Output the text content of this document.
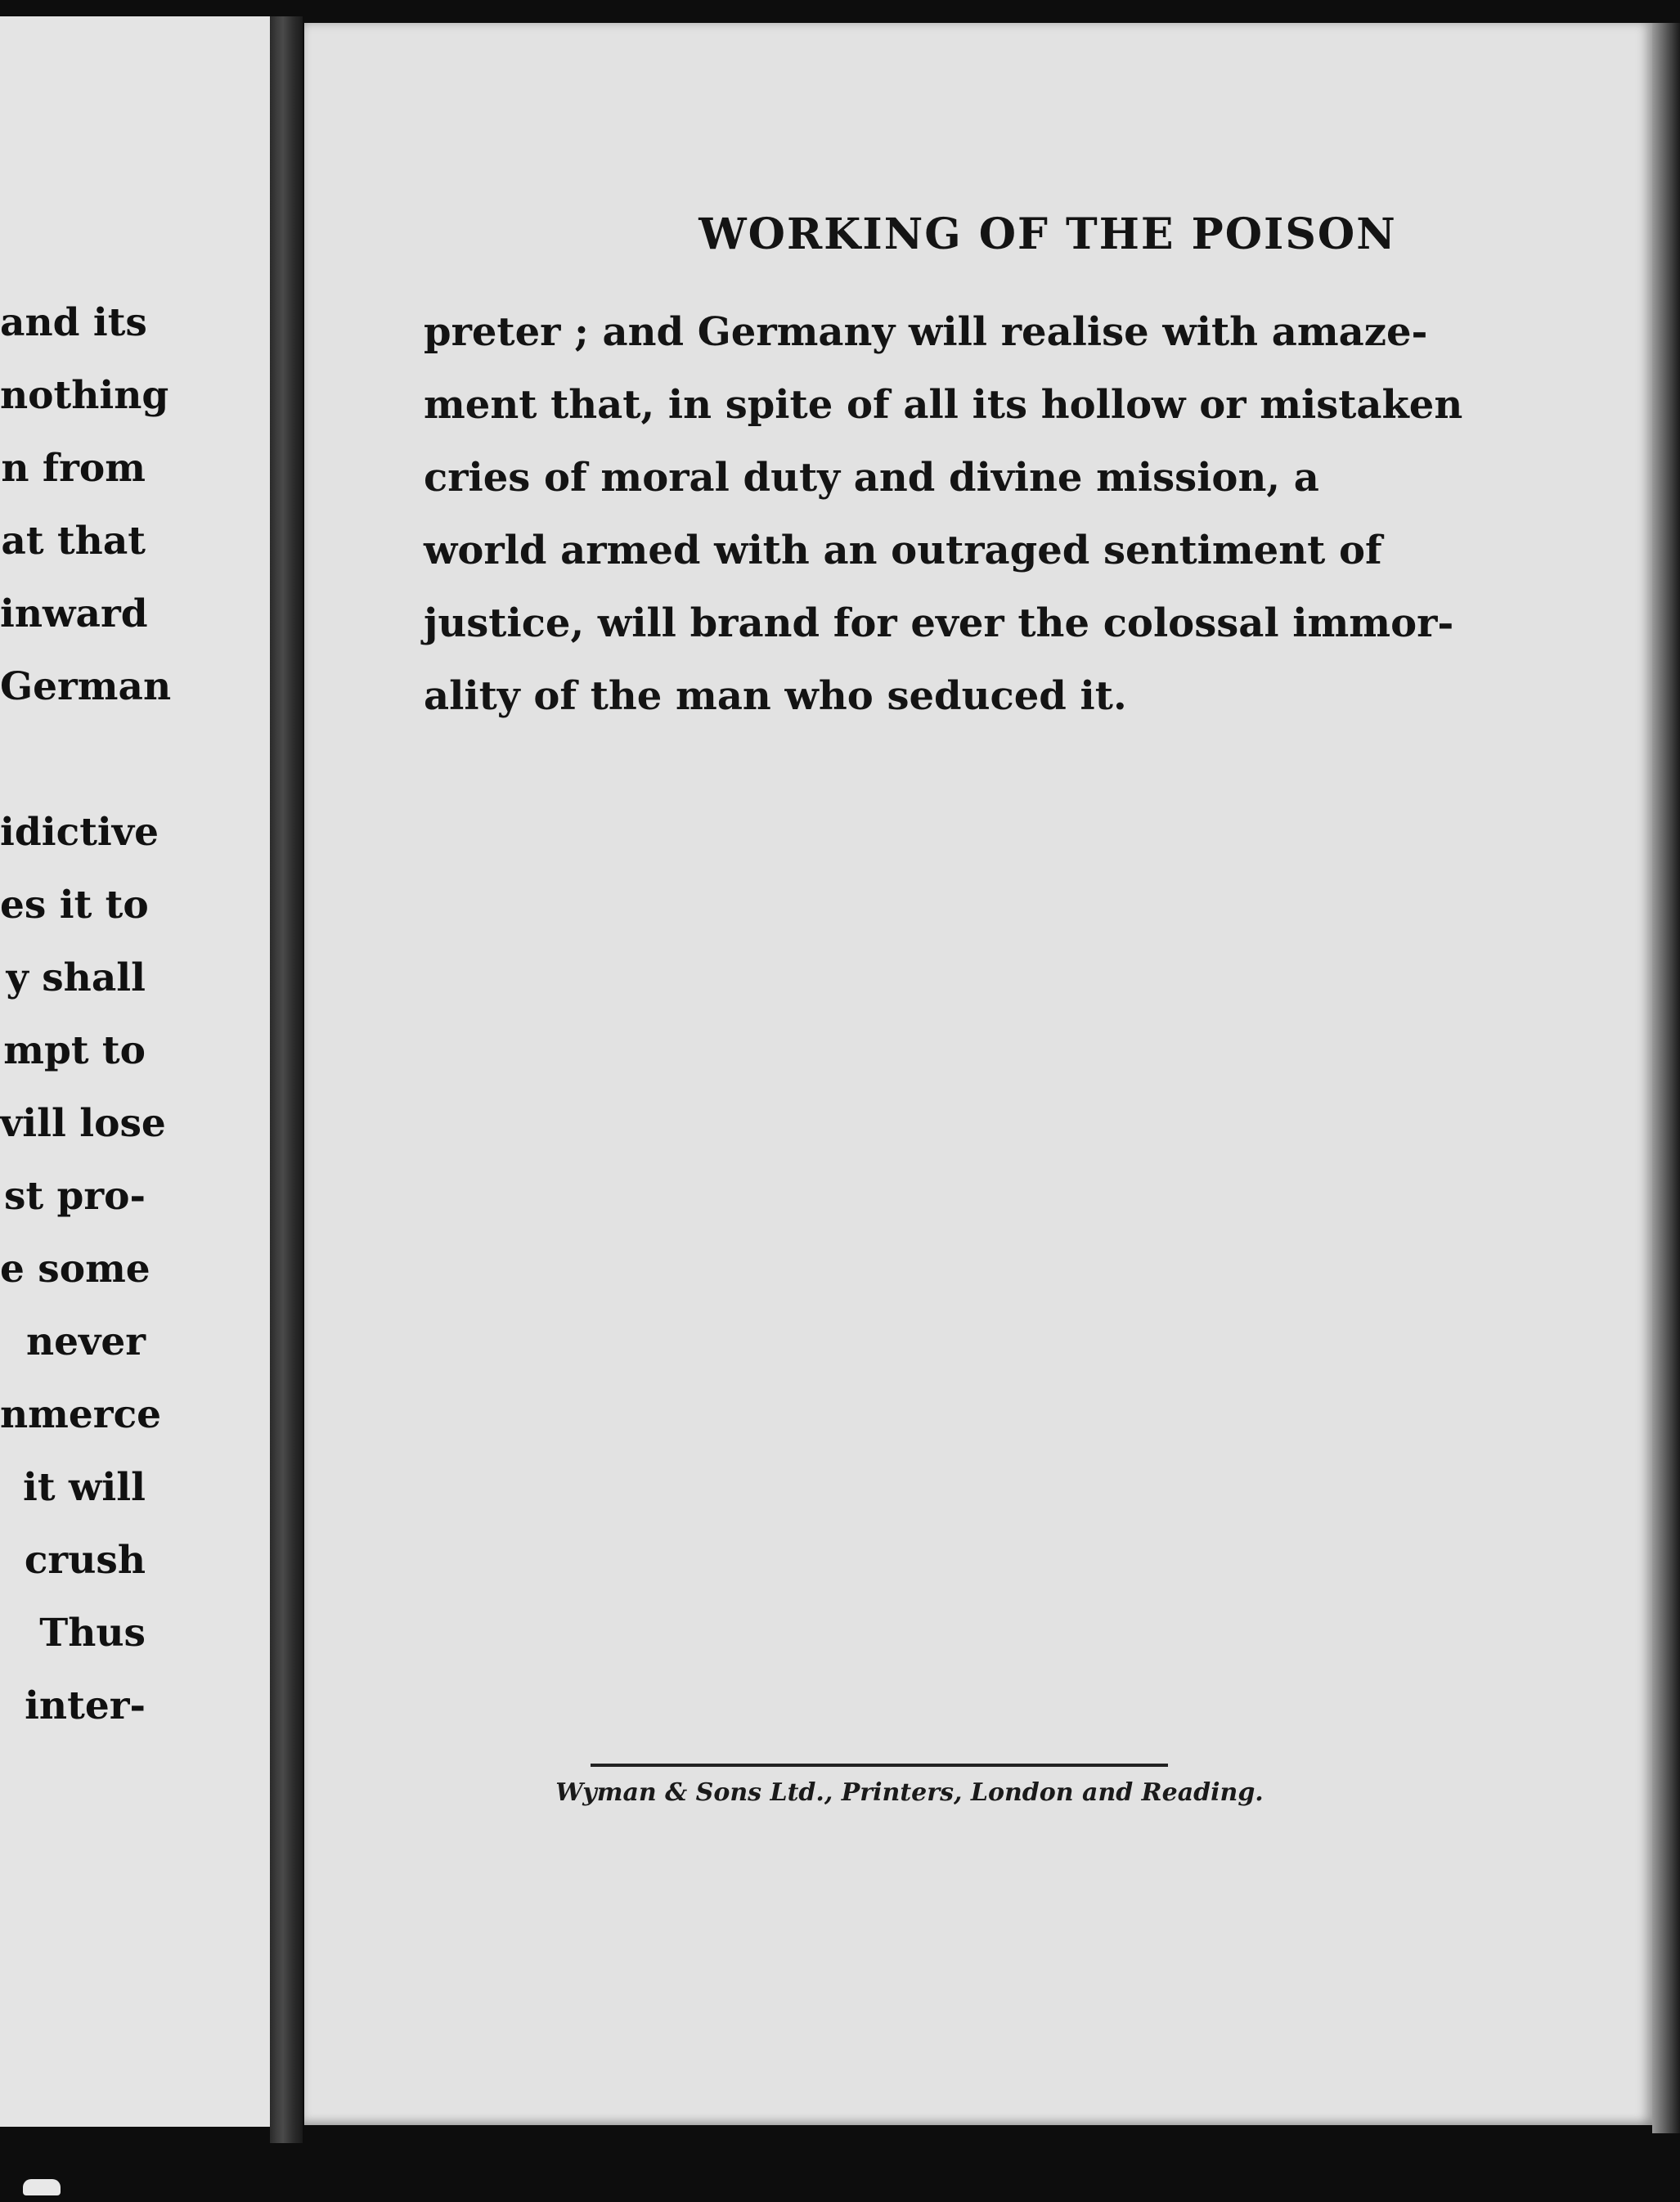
and its
nothing
n from
at that
inward
German
idictive
es it to
y shall
mpt to
vill lose
st pro-
e some
never
nmerce
it will
crush
Thus
inter-
WORKING OF THE POISON
preter ; and Germany will realise with amaze-
ment that, in spite of all its hollow or mistaken
cries of moral duty and divine mission, a
world armed with an outraged sentiment of
justice, will brand for ever the colossal immor-
ality of the man who seduced it.
Wyman & Sons Ltd., Printers, London and Reading.
